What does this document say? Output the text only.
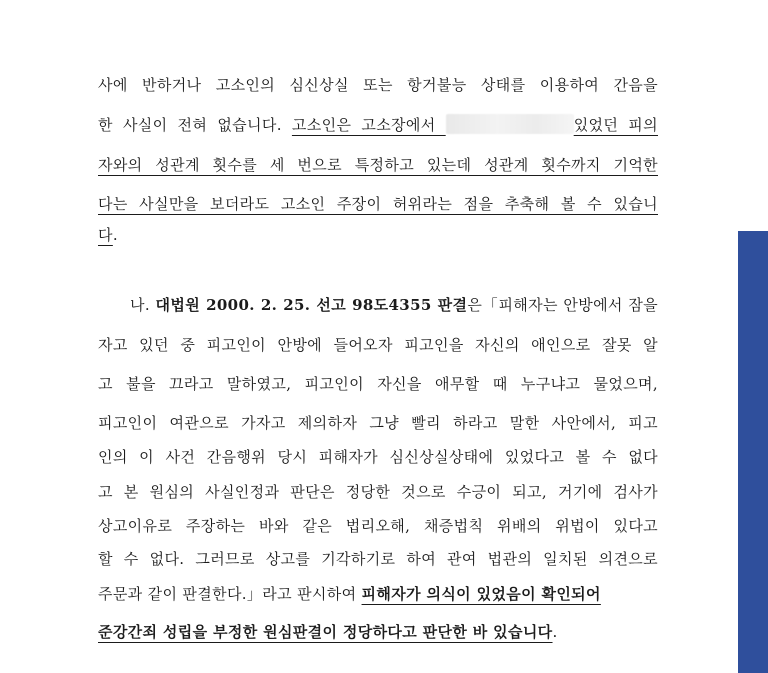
사에 반하거나 고소인의 심신상실 또는 항거불능 상태를 이용하여 간음을
한 사실이 전혀 없습니다. 고소인은 고소장에서	있었던 피의
자와의 성관계 횟수를 세 번으로 특정하고 있는데 성관계 횟수까지 기억한
다는 사실만을 보더라도 고소인 주장이 허위라는 점을 추축해 볼 수 있습니
다.
나. 대법원 2000. 2. 25. 선고 98도4355 판결은「피해자는 안방에서 잠을
자고 있던 중 피고인이 안방에 들어오자 피고인을 자신의 애인으로 잘못 알
고 불을 끄라고 말하였고, 피고인이 자신을 애무할 때 누구냐고 물었으며,
피고인이 여관으로 가자고 제의하자 그냥 빨리 하라고 말한 사안에서, 피고
인의 이 사건 간음행위 당시 피해자가 심신상실상태에 있었다고 볼 수 없다
고 본 원심의 사실인정과 판단은 정당한 것으로 수긍이 되고, 거기에 검사가
상고이유로 주장하는 바와 같은 법리오해, 채증법칙 위배의 위법이 있다고
할 수 없다. 그러므로 상고를 기각하기로 하여 관여 법관의 일치된 의견으로
주문과 같이 판결한다.」라고 판시하여 피해자가 의식이 있었음이 확인되어
준강간죄 성립을 부정한 원심판결이 정당하다고 판단한 바 있습니다.
